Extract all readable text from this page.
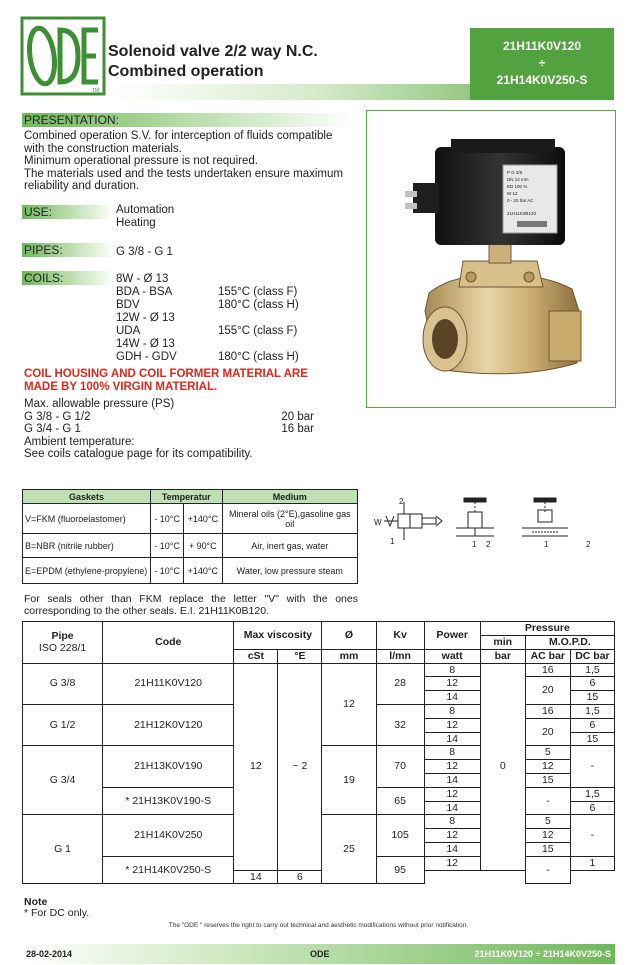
TM
Solenoid valve 2/2 way N.C.
Combined operation
21H11K0V120
÷
21H14K0V250-S
PRESENTATION:
Combined operation S.V. for interception of fluids compatible
with the construction materials.
Minimum operational pressure is not required.
The materials used and the tests undertaken ensure maximum
reliability and duration.
USE:	Automation
Heating
PIPES:	G 3/8 - G 1
COILS:	8W - Ø 13
BDA - BSA	155°C (class F)
BDV	180°C (class H)
12W - Ø 13
UDA	155°C (class F)
14W - Ø 13
GDH - GDV	180°C (class H)
COIL HOUSING AND COIL FORMER MATERIAL ARE
MADE BY 100% VIRGIN MATERIAL.
Max. allowable pressure (PS)
G 3/8 - G 1/2	20 bar
G 3/4 - G 1	16 bar
Ambient temperature:
See coils catalogue page for its compatibility.
P G 3/8
DN 12 mm
ED 100 %
W 12
0 - 20 bar AC
21H11K0B120
Gaskets	Temperatur		Medium
V=FKM (fluoroelastomer)	- 10°C	+140°C	Mineral oils (2°E),gasoline gas oil
B=NBR (nitrile rubber)	- 10°C	+ 90°C	Air, inert gas, water
E=EPDM (ethylene-propylene)	- 10°C	+140°C	Water, low pressure steam
2
1
W
1 2	1	2
For seals other than FKM replace the letter "V" with the ones
corresponding to the other seals. E.I. 21H11K0B120.
Pipe
ISO 228/1	Code	Max viscosity		Ø	Kv	Power	Pressure		
							min	M.O.P.D.	
		cSt	°E	mm	l/mn	watt	bar	AC bar	DC bar
G 3/8	21H11K0V120	12	~ 2	12	28	8	0	16	1,5
						12		20	6
						14			15
G 1/2	21H12K0V120				32	8		16	1,5
						12		20	6
						14			15
G 3/4	21H13K0V190			19	70	8		5	-
						12		12	
						14		15	
	* 21H13K0V190-S				65	12		-	1,5
						14			6
G 1	21H14K0V250			25	105	8		5	-
						12		12	
						14		15	
	* 21H14K0V250-S				95	12		-	1
		14	6						
Note
* For DC only.
The "ODE " reserves the right to carry out technical and aesthetic modifications without prior notification.
28-02-2014	ODE	21H11K0V120 ÷ 21H14K0V250-S
